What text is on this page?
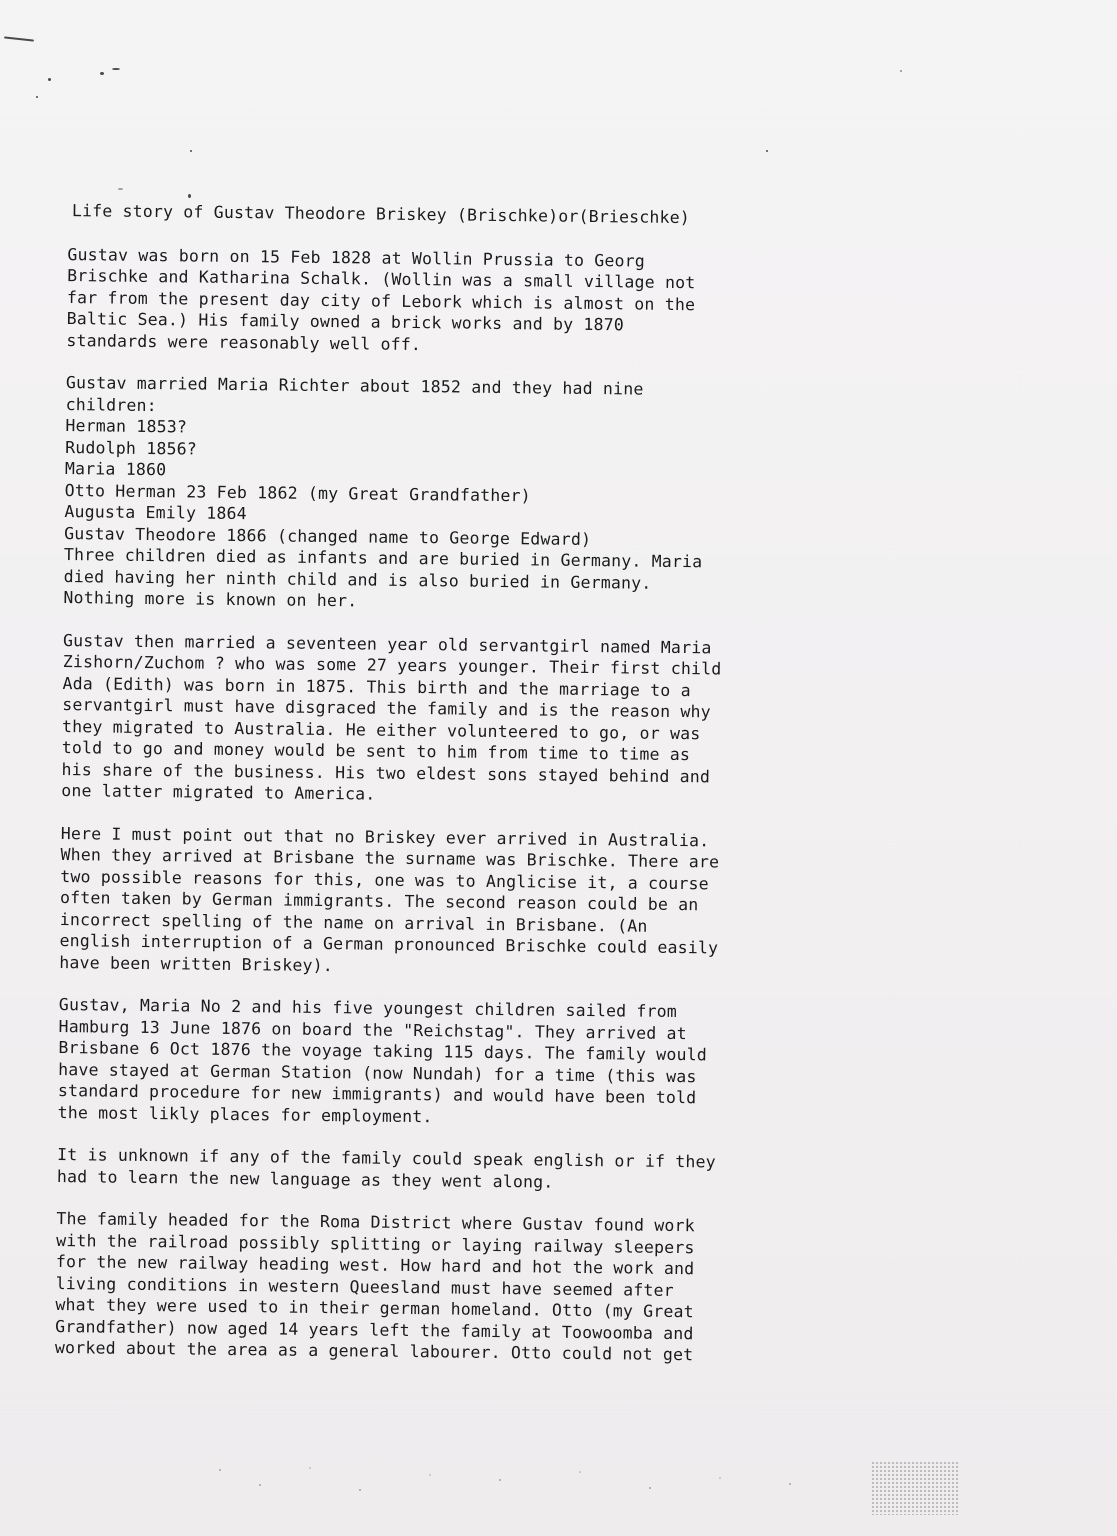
Life story of Gustav Theodore Briskey (Brischke)or(Brieschke)
Gustav was born on 15 Feb 1828 at Wollin Prussia to Georg
Brischke and Katharina Schalk. (Wollin was a small village not
far from the present day city of Lebork which is almost on the
Baltic Sea.) His family owned a brick works and by 1870
standards were reasonably well off.
Gustav married Maria Richter about 1852 and they had nine
children:
Herman 1853?
Rudolph 1856?
Maria 1860
Otto Herman 23 Feb 1862 (my Great Grandfather)
Augusta Emily 1864
Gustav Theodore 1866 (changed name to George Edward)
Three children died as infants and are buried in Germany. Maria
died having her ninth child and is also buried in Germany.
Nothing more is known on her.
Gustav then married a seventeen year old servantgirl named Maria
Zishorn/Zuchom ? who was some 27 years younger. Their first child
Ada (Edith) was born in 1875. This birth and the marriage to a
servantgirl must have disgraced the family and is the reason why
they migrated to Australia. He either volunteered to go, or was
told to go and money would be sent to him from time to time as
his share of the business. His two eldest sons stayed behind and
one latter migrated to America.
Here I must point out that no Briskey ever arrived in Australia.
When they arrived at Brisbane the surname was Brischke. There are
two possible reasons for this, one was to Anglicise it, a course
often taken by German immigrants. The second reason could be an
incorrect spelling of the name on arrival in Brisbane. (An
english interruption of a German pronounced Brischke could easily
have been written Briskey).
Gustav, Maria No 2 and his five youngest children sailed from
Hamburg 13 June 1876 on board the "Reichstag". They arrived at
Brisbane 6 Oct 1876 the voyage taking 115 days. The family would
have stayed at German Station (now Nundah) for a time (this was
standard procedure for new immigrants) and would have been told
the most likly places for employment.
It is unknown if any of the family could speak english or if they
had to learn the new language as they went along.
The family headed for the Roma District where Gustav found work
with the railroad possibly splitting or laying railway sleepers
for the new railway heading west. How hard and hot the work and
living conditions in western Queesland must have seemed after
what they were used to in their german homeland. Otto (my Great
Grandfather) now aged 14 years left the family at Toowoomba and
worked about the area as a general labourer. Otto could not get
